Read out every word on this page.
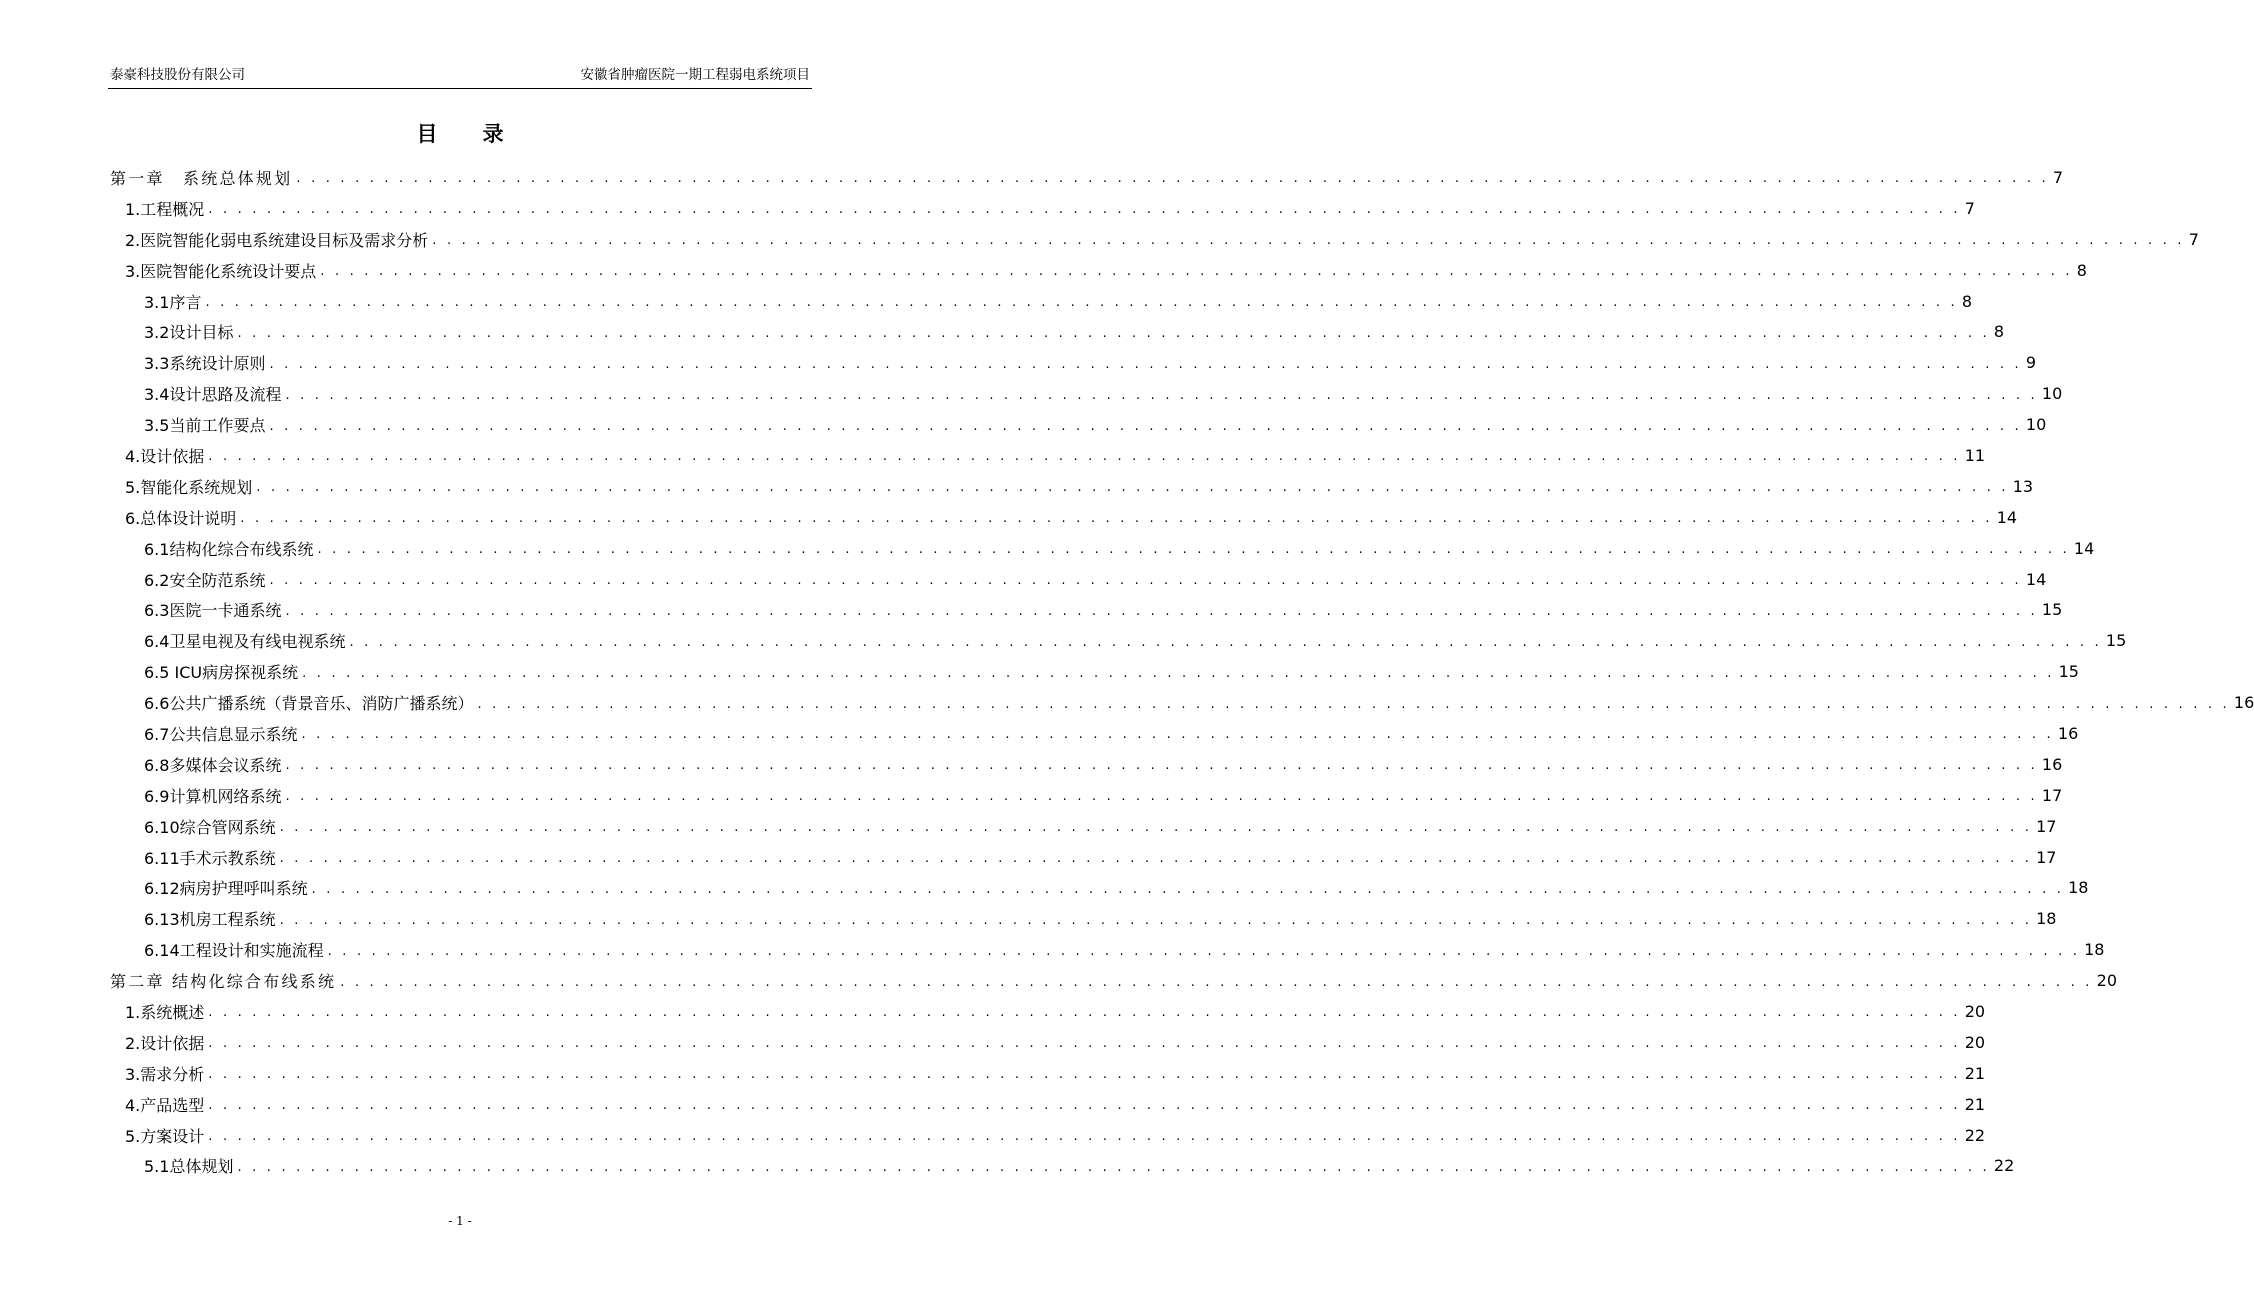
泰豪科技股份有限公司	安徽省肿瘤医院一期工程弱电系统项目
目 录
第一章　系统总体规划 . . . . . . . . . . . . . . . . . . . . . . . . . . . . . . . . . . . . . . . . . . . . . . . . . . . . . . . . . . . . . . . . . . . . . . . . . . . . . . . . . . . . . . . . . . . . . . . . . . . . . . . . . . . . . . . . . . . . . . . . 7
1.工程概况 . . . . . . . . . . . . . . . . . . . . . . . . . . . . . . . . . . . . . . . . . . . . . . . . . . . . . . . . . . . . . . . . . . . . . . . . . . . . . . . . . . . . . . . . . . . . . . . . . . . . . . . . . . . . . . . . . . . . . . . . 7
2.医院智能化弱电系统建设目标及需求分析 . . . . . . . . . . . . . . . . . . . . . . . . . . . . . . . . . . . . . . . . . . . . . . . . . . . . . . . . . . . . . . . . . . . . . . . . . . . . . . . . . . . . . . . . . . . . . . . . . . . . . . . . . . . . . . . . . . . . . . . . 7
3.医院智能化系统设计要点 . . . . . . . . . . . . . . . . . . . . . . . . . . . . . . . . . . . . . . . . . . . . . . . . . . . . . . . . . . . . . . . . . . . . . . . . . . . . . . . . . . . . . . . . . . . . . . . . . . . . . . . . . . . . . . . . . . . . . . . . 8
3.1序言 . . . . . . . . . . . . . . . . . . . . . . . . . . . . . . . . . . . . . . . . . . . . . . . . . . . . . . . . . . . . . . . . . . . . . . . . . . . . . . . . . . . . . . . . . . . . . . . . . . . . . . . . . . . . . . . . . . . . . . . . 8
3.2设计目标 . . . . . . . . . . . . . . . . . . . . . . . . . . . . . . . . . . . . . . . . . . . . . . . . . . . . . . . . . . . . . . . . . . . . . . . . . . . . . . . . . . . . . . . . . . . . . . . . . . . . . . . . . . . . . . . . . . . . . . . . 8
3.3系统设计原则 . . . . . . . . . . . . . . . . . . . . . . . . . . . . . . . . . . . . . . . . . . . . . . . . . . . . . . . . . . . . . . . . . . . . . . . . . . . . . . . . . . . . . . . . . . . . . . . . . . . . . . . . . . . . . . . . . . . . . . . . 9
3.4设计思路及流程 . . . . . . . . . . . . . . . . . . . . . . . . . . . . . . . . . . . . . . . . . . . . . . . . . . . . . . . . . . . . . . . . . . . . . . . . . . . . . . . . . . . . . . . . . . . . . . . . . . . . . . . . . . . . . . . . . . . . . . . . 10
3.5当前工作要点 . . . . . . . . . . . . . . . . . . . . . . . . . . . . . . . . . . . . . . . . . . . . . . . . . . . . . . . . . . . . . . . . . . . . . . . . . . . . . . . . . . . . . . . . . . . . . . . . . . . . . . . . . . . . . . . . . . . . . . . . 10
4.设计依据 . . . . . . . . . . . . . . . . . . . . . . . . . . . . . . . . . . . . . . . . . . . . . . . . . . . . . . . . . . . . . . . . . . . . . . . . . . . . . . . . . . . . . . . . . . . . . . . . . . . . . . . . . . . . . . . . . . . . . . . . 11
5.智能化系统规划 . . . . . . . . . . . . . . . . . . . . . . . . . . . . . . . . . . . . . . . . . . . . . . . . . . . . . . . . . . . . . . . . . . . . . . . . . . . . . . . . . . . . . . . . . . . . . . . . . . . . . . . . . . . . . . . . . . . . . . . . 13
6.总体设计说明 . . . . . . . . . . . . . . . . . . . . . . . . . . . . . . . . . . . . . . . . . . . . . . . . . . . . . . . . . . . . . . . . . . . . . . . . . . . . . . . . . . . . . . . . . . . . . . . . . . . . . . . . . . . . . . . . . . . . . . . . 14
6.1结构化综合布线系统 . . . . . . . . . . . . . . . . . . . . . . . . . . . . . . . . . . . . . . . . . . . . . . . . . . . . . . . . . . . . . . . . . . . . . . . . . . . . . . . . . . . . . . . . . . . . . . . . . . . . . . . . . . . . . . . . . . . . . . . . 14
6.2安全防范系统 . . . . . . . . . . . . . . . . . . . . . . . . . . . . . . . . . . . . . . . . . . . . . . . . . . . . . . . . . . . . . . . . . . . . . . . . . . . . . . . . . . . . . . . . . . . . . . . . . . . . . . . . . . . . . . . . . . . . . . . . 14
6.3医院一卡通系统 . . . . . . . . . . . . . . . . . . . . . . . . . . . . . . . . . . . . . . . . . . . . . . . . . . . . . . . . . . . . . . . . . . . . . . . . . . . . . . . . . . . . . . . . . . . . . . . . . . . . . . . . . . . . . . . . . . . . . . . . 15
6.4卫星电视及有线电视系统 . . . . . . . . . . . . . . . . . . . . . . . . . . . . . . . . . . . . . . . . . . . . . . . . . . . . . . . . . . . . . . . . . . . . . . . . . . . . . . . . . . . . . . . . . . . . . . . . . . . . . . . . . . . . . . . . . . . . . . . . 15
6.5 ICU病房探视系统 . . . . . . . . . . . . . . . . . . . . . . . . . . . . . . . . . . . . . . . . . . . . . . . . . . . . . . . . . . . . . . . . . . . . . . . . . . . . . . . . . . . . . . . . . . . . . . . . . . . . . . . . . . . . . . . . . . . . . . . . 15
6.6公共广播系统（背景音乐、消防广播系统） . . . . . . . . . . . . . . . . . . . . . . . . . . . . . . . . . . . . . . . . . . . . . . . . . . . . . . . . . . . . . . . . . . . . . . . . . . . . . . . . . . . . . . . . . . . . . . . . . . . . . . . . . . . . . . . . . . . . . . . . 16
6.7公共信息显示系统 . . . . . . . . . . . . . . . . . . . . . . . . . . . . . . . . . . . . . . . . . . . . . . . . . . . . . . . . . . . . . . . . . . . . . . . . . . . . . . . . . . . . . . . . . . . . . . . . . . . . . . . . . . . . . . . . . . . . . . . . 16
6.8多媒体会议系统 . . . . . . . . . . . . . . . . . . . . . . . . . . . . . . . . . . . . . . . . . . . . . . . . . . . . . . . . . . . . . . . . . . . . . . . . . . . . . . . . . . . . . . . . . . . . . . . . . . . . . . . . . . . . . . . . . . . . . . . . 16
6.9计算机网络系统 . . . . . . . . . . . . . . . . . . . . . . . . . . . . . . . . . . . . . . . . . . . . . . . . . . . . . . . . . . . . . . . . . . . . . . . . . . . . . . . . . . . . . . . . . . . . . . . . . . . . . . . . . . . . . . . . . . . . . . . . 17
6.10综合管网系统 . . . . . . . . . . . . . . . . . . . . . . . . . . . . . . . . . . . . . . . . . . . . . . . . . . . . . . . . . . . . . . . . . . . . . . . . . . . . . . . . . . . . . . . . . . . . . . . . . . . . . . . . . . . . . . . . . . . . . . . . 17
6.11手术示教系统 . . . . . . . . . . . . . . . . . . . . . . . . . . . . . . . . . . . . . . . . . . . . . . . . . . . . . . . . . . . . . . . . . . . . . . . . . . . . . . . . . . . . . . . . . . . . . . . . . . . . . . . . . . . . . . . . . . . . . . . . 17
6.12病房护理呼叫系统 . . . . . . . . . . . . . . . . . . . . . . . . . . . . . . . . . . . . . . . . . . . . . . . . . . . . . . . . . . . . . . . . . . . . . . . . . . . . . . . . . . . . . . . . . . . . . . . . . . . . . . . . . . . . . . . . . . . . . . . . 18
6.13机房工程系统 . . . . . . . . . . . . . . . . . . . . . . . . . . . . . . . . . . . . . . . . . . . . . . . . . . . . . . . . . . . . . . . . . . . . . . . . . . . . . . . . . . . . . . . . . . . . . . . . . . . . . . . . . . . . . . . . . . . . . . . . 18
6.14工程设计和实施流程 . . . . . . . . . . . . . . . . . . . . . . . . . . . . . . . . . . . . . . . . . . . . . . . . . . . . . . . . . . . . . . . . . . . . . . . . . . . . . . . . . . . . . . . . . . . . . . . . . . . . . . . . . . . . . . . . . . . . . . . . 18
第二章 结构化综合布线系统 . . . . . . . . . . . . . . . . . . . . . . . . . . . . . . . . . . . . . . . . . . . . . . . . . . . . . . . . . . . . . . . . . . . . . . . . . . . . . . . . . . . . . . . . . . . . . . . . . . . . . . . . . . . . . . . . . . . . . . . . 20
1.系统概述 . . . . . . . . . . . . . . . . . . . . . . . . . . . . . . . . . . . . . . . . . . . . . . . . . . . . . . . . . . . . . . . . . . . . . . . . . . . . . . . . . . . . . . . . . . . . . . . . . . . . . . . . . . . . . . . . . . . . . . . . 20
2.设计依据 . . . . . . . . . . . . . . . . . . . . . . . . . . . . . . . . . . . . . . . . . . . . . . . . . . . . . . . . . . . . . . . . . . . . . . . . . . . . . . . . . . . . . . . . . . . . . . . . . . . . . . . . . . . . . . . . . . . . . . . . 20
3.需求分析 . . . . . . . . . . . . . . . . . . . . . . . . . . . . . . . . . . . . . . . . . . . . . . . . . . . . . . . . . . . . . . . . . . . . . . . . . . . . . . . . . . . . . . . . . . . . . . . . . . . . . . . . . . . . . . . . . . . . . . . . 21
4.产品选型 . . . . . . . . . . . . . . . . . . . . . . . . . . . . . . . . . . . . . . . . . . . . . . . . . . . . . . . . . . . . . . . . . . . . . . . . . . . . . . . . . . . . . . . . . . . . . . . . . . . . . . . . . . . . . . . . . . . . . . . . 21
5.方案设计 . . . . . . . . . . . . . . . . . . . . . . . . . . . . . . . . . . . . . . . . . . . . . . . . . . . . . . . . . . . . . . . . . . . . . . . . . . . . . . . . . . . . . . . . . . . . . . . . . . . . . . . . . . . . . . . . . . . . . . . . 22
5.1总体规划 . . . . . . . . . . . . . . . . . . . . . . . . . . . . . . . . . . . . . . . . . . . . . . . . . . . . . . . . . . . . . . . . . . . . . . . . . . . . . . . . . . . . . . . . . . . . . . . . . . . . . . . . . . . . . . . . . . . . . . . . 22
- 1 -
